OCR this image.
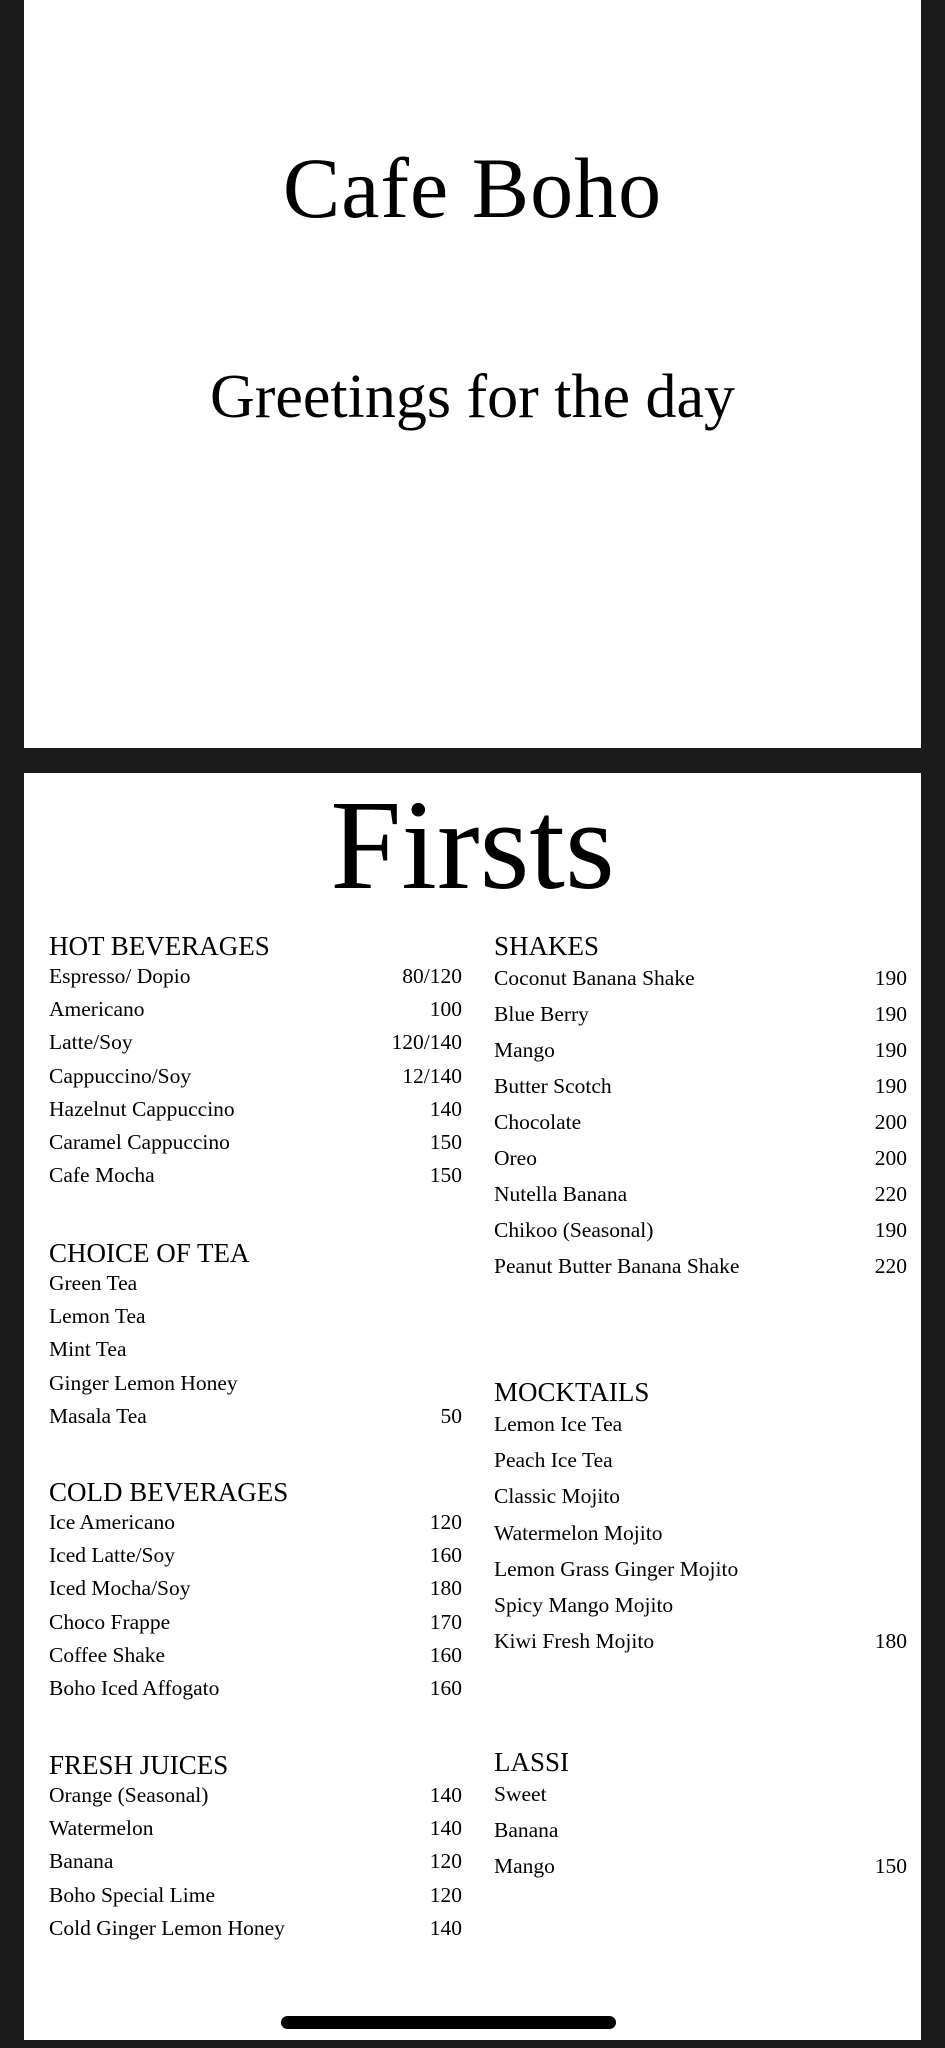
Cafe Boho
Greetings for the day
Firsts
HOT BEVERAGES
Espresso/ Dopio	80/120
Americano	100
Latte/Soy	120/140
Cappuccino/Soy	12/140
Hazelnut Cappuccino	140
Caramel Cappuccino	150
Cafe Mocha	150
CHOICE OF TEA
Green Tea
Lemon Tea
Mint Tea
Ginger Lemon Honey
Masala Tea	50
COLD BEVERAGES
Ice Americano	120
Iced Latte/Soy	160
Iced Mocha/Soy	180
Choco Frappe	170
Coffee Shake	160
Boho Iced Affogato	160
FRESH JUICES
Orange (Seasonal)	140
Watermelon	140
Banana	120
Boho Special Lime	120
Cold Ginger Lemon Honey	140
SHAKES
Coconut Banana Shake	190
Blue Berry	190
Mango	190
Butter Scotch	190
Chocolate	200
Oreo	200
Nutella Banana	220
Chikoo (Seasonal)	190
Peanut Butter Banana Shake	220
MOCKTAILS
Lemon Ice Tea
Peach Ice Tea
Classic Mojito
Watermelon Mojito
Lemon Grass Ginger Mojito
Spicy Mango Mojito
Kiwi Fresh Mojito	180
LASSI
Sweet
Banana
Mango	150
